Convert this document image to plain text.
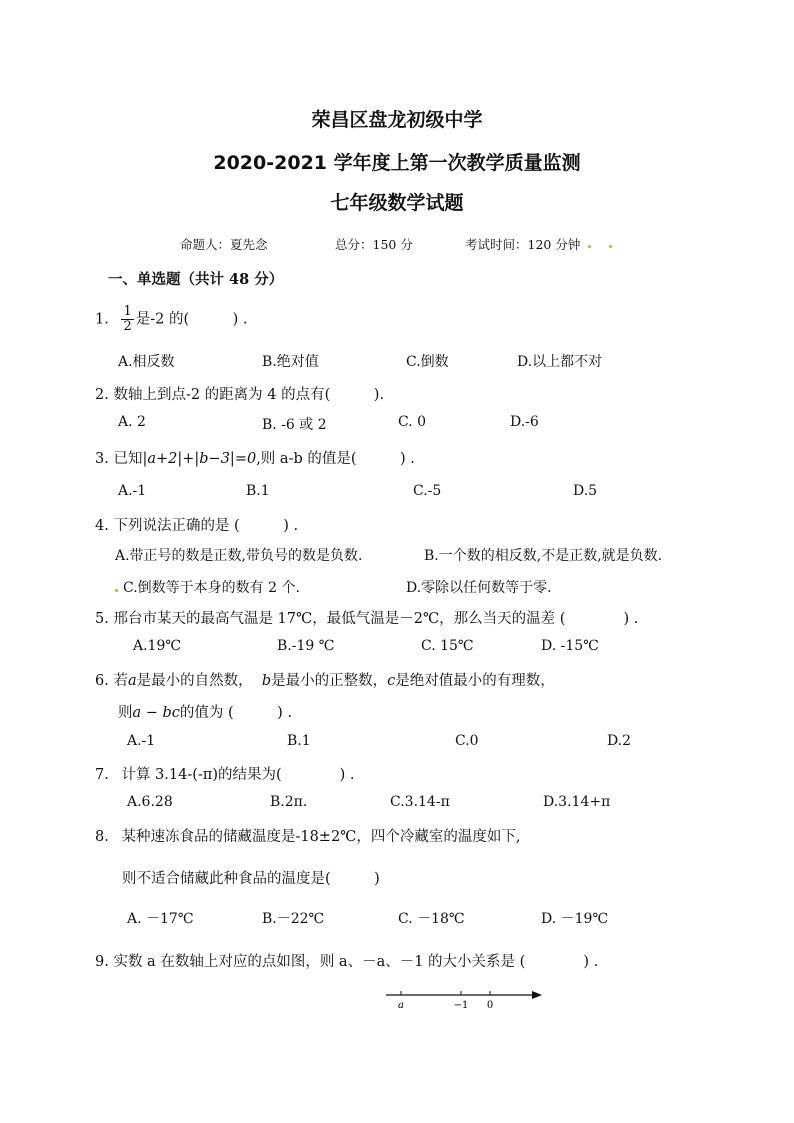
荣昌区盘龙初级中学
2020-2021 学年度上第一次教学质量监测
七年级数学试题
命题人：夏先念	总分：150 分	考试时间：120 分钟
一、单选题（共计 48 分）
1. $\frac{1}{2}$ 是-2 的(　　　) .
A.相反数	B.绝对值	C.倒数	D.以上都不对
2. 数轴上到点-2 的距离为 4 的点有(　　　).
A. 2	B. -6 或 2	C. 0	D.-6
3. 已知|a+2|+|b−3|=0,则 a-b 的值是(　　　) .
A.-1	B.1	C.-5	D.5
4. 下列说法正确的是 (　　　) .
A.带正号的数是正数,带负号的数是负数.	B.一个数的相反数,不是正数,就是负数.
C.倒数等于本身的数有 2 个.	D.零除以任何数等于零.
5. 邢台市某天的最高气温是 17℃，最低气温是－2℃，那么当天的温差 (　　　　) .
A.19℃	B.-19 ℃	C. 15℃	D. -15℃
6. 若a是最小的自然数， b是最小的正整数，c是绝对值最小的有理数，
则a − bc的值为 (　　　) .
A.-1	B.1	C.0	D.2
7. 计算 3.14-(-π)的结果为(　　　　) .
A.6.28	B.2π.	C.3.14-π	D.3.14+π
8. 某种速冻食品的储藏温度是-18±2℃，四个冷藏室的温度如下,
则不适合储藏此种食品的温度是(　　　)
A. －17℃	B.－22℃	C. －18℃	D. －19℃
9. 实数 a 在数轴上对应的点如图，则 a、－a、－1 的大小关系是 (　　　　) .
a	−1 0
